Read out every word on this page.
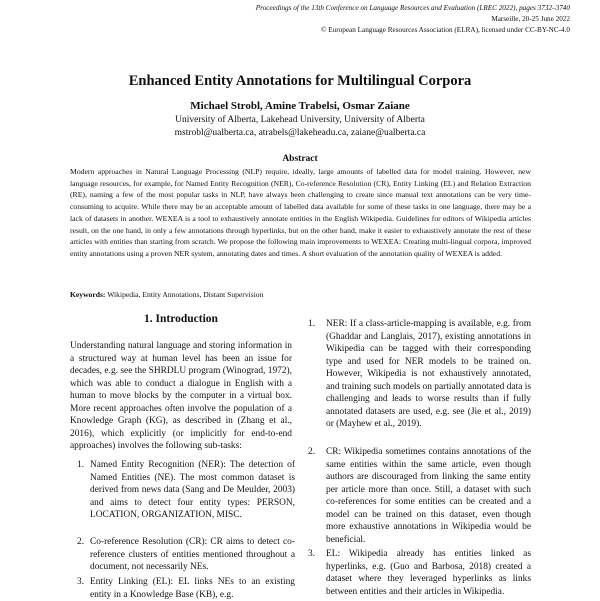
Proceedings of the 13th Conference on Language Resources and Evaluation (LREC 2022), pages 3732–3740
Marseille, 20-25 June 2022
© European Language Resources Association (ELRA), licensed under CC-BY-NC-4.0
Enhanced Entity Annotations for Multilingual Corpora
Michael Strobl, Amine Trabelsi, Osmar Zaiane
University of Alberta, Lakehead University, University of Alberta
mstrobl@ualberta.ca, atrabels@lakeheadu.ca, zaiane@ualberta.ca
Abstract

Modern approaches in Natural Language Processing (NLP) require, ideally, large amounts of labelled data for model training. However, new language resources, for example, for Named Entity Recognition (NER), Co-reference Resolution (CR), Entity Linking (EL) and Relation Extraction (RE), naming a few of the most popular tasks in NLP, have always been challenging to create since manual text annotations can be very time-consuming to acquire. While there may be an acceptable amount of labelled data available for some of these tasks in one language, there may be a lack of datasets in another. WEXEA is a tool to exhaustively annotate entities in the English Wikipedia. Guidelines for editors of Wikipedia articles result, on the one hand, in only a few annotations through hyperlinks, but on the other hand, make it easier to exhaustively annotate the rest of these articles with entities than starting from scratch. We propose the following main improvements to WEXEA: Creating multi-lingual corpora, improved entity annotations using a proven NER system, annotating dates and times. A short evaluation of the annotation quality of WEXEA is added.

Keywords: Wikipedia, Entity Annotations, Distant Supervision
1. Introduction

Understanding natural language and storing information in a structured way at human level has been an issue for decades, e.g. see the SHRDLU program (Winograd, 1972), which was able to conduct a dialogue in English with a human to move blocks by the computer in a virtual box. More recent approaches often involve the population of a Knowledge Graph (KG), as described in (Zhang et al., 2016), which explicitly (or implicitly for end-to-end approaches) involves the following sub-tasks:

1. Named Entity Recognition (NER): The detection of Named Entities (NE). The most common dataset is derived from news data (Sang and De Meulder, 2003) and aims to detect four entity types: PERSON, LOCATION, ORGANIZATION, MISC.
2. Co-reference Resolution (CR): CR aims to detect co-reference clusters of entities mentioned throughout a document, not necessarily NEs.
3. Entity Linking (EL): EL links NEs to an existing entity in a Knowledge Base (KB), e.g.
1.	NER: If a class-article-mapping is available, e.g. from (Ghaddar and Langlais, 2017), existing annotations in Wikipedia can be tagged with their corresponding type and used for NER models to be trained on. However, Wikipedia is not exhaustively annotated, and training such models on partially annotated data is challenging and leads to worse results than if fully annotated datasets are used, e.g. see (Jie et al., 2019) or (Mayhew et al., 2019).
2.	CR: Wikipedia sometimes contains annotations of the same entities within the same article, even though authors are discouraged from linking the same entity per article more than once. Still, a dataset with such co-references for some entities can be created and a model can be trained on this dataset, even though more exhaustive annotations in Wikipedia would be beneficial.
3.	EL: Wikipedia already has entities linked as hyperlinks, e.g. (Guo and Barbosa, 2018) created a dataset where they leveraged hyperlinks as links between entities and their articles in Wikipedia.
